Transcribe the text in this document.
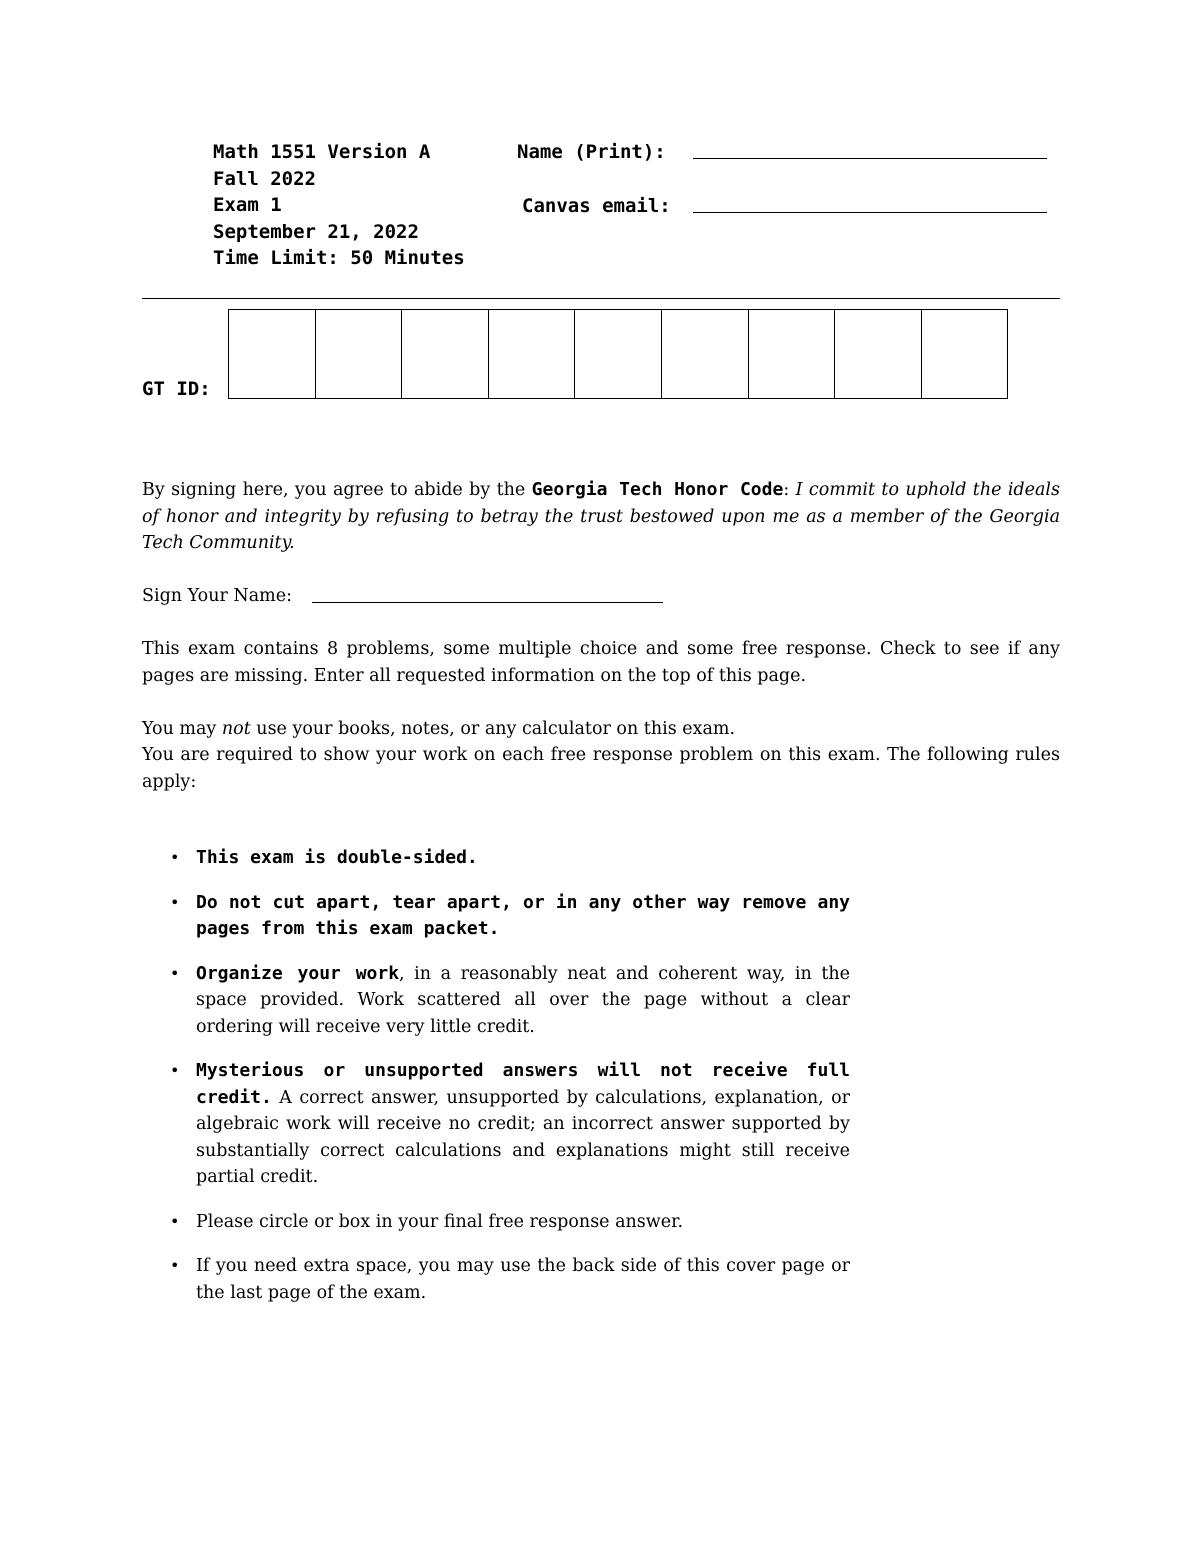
Math 1551 Version A
Fall 2022
Exam 1
September 21, 2022
Time Limit: 50 Minutes
Name (Print):
Canvas email:
GT ID:
By signing here, you agree to abide by the Georgia Tech Honor Code: I commit to uphold the ideals of honor and integrity by refusing to betray the trust bestowed upon me as a member of the Georgia Tech Community.
Sign Your Name:
This exam contains 8 problems, some multiple choice and some free response. Check to see if any pages are missing. Enter all requested information on the top of this page.
You may not use your books, notes, or any calculator on this exam.
You are required to show your work on each free response problem on this exam. The following rules apply:
• This exam is double-sided.
• Do not cut apart, tear apart, or in any other way remove any pages from this exam packet.
• Organize your work, in a reasonably neat and coherent way, in the space provided. Work scattered all over the page without a clear ordering will receive very little credit.
• Mysterious or unsupported answers will not receive full credit. A correct answer, unsupported by calculations, explanation, or algebraic work will receive no credit; an incorrect answer supported by substantially correct calculations and explanations might still receive partial credit.
• Please circle or box in your final free response answer.
• If you need extra space, you may use the back side of this cover page or the last page of the exam.
